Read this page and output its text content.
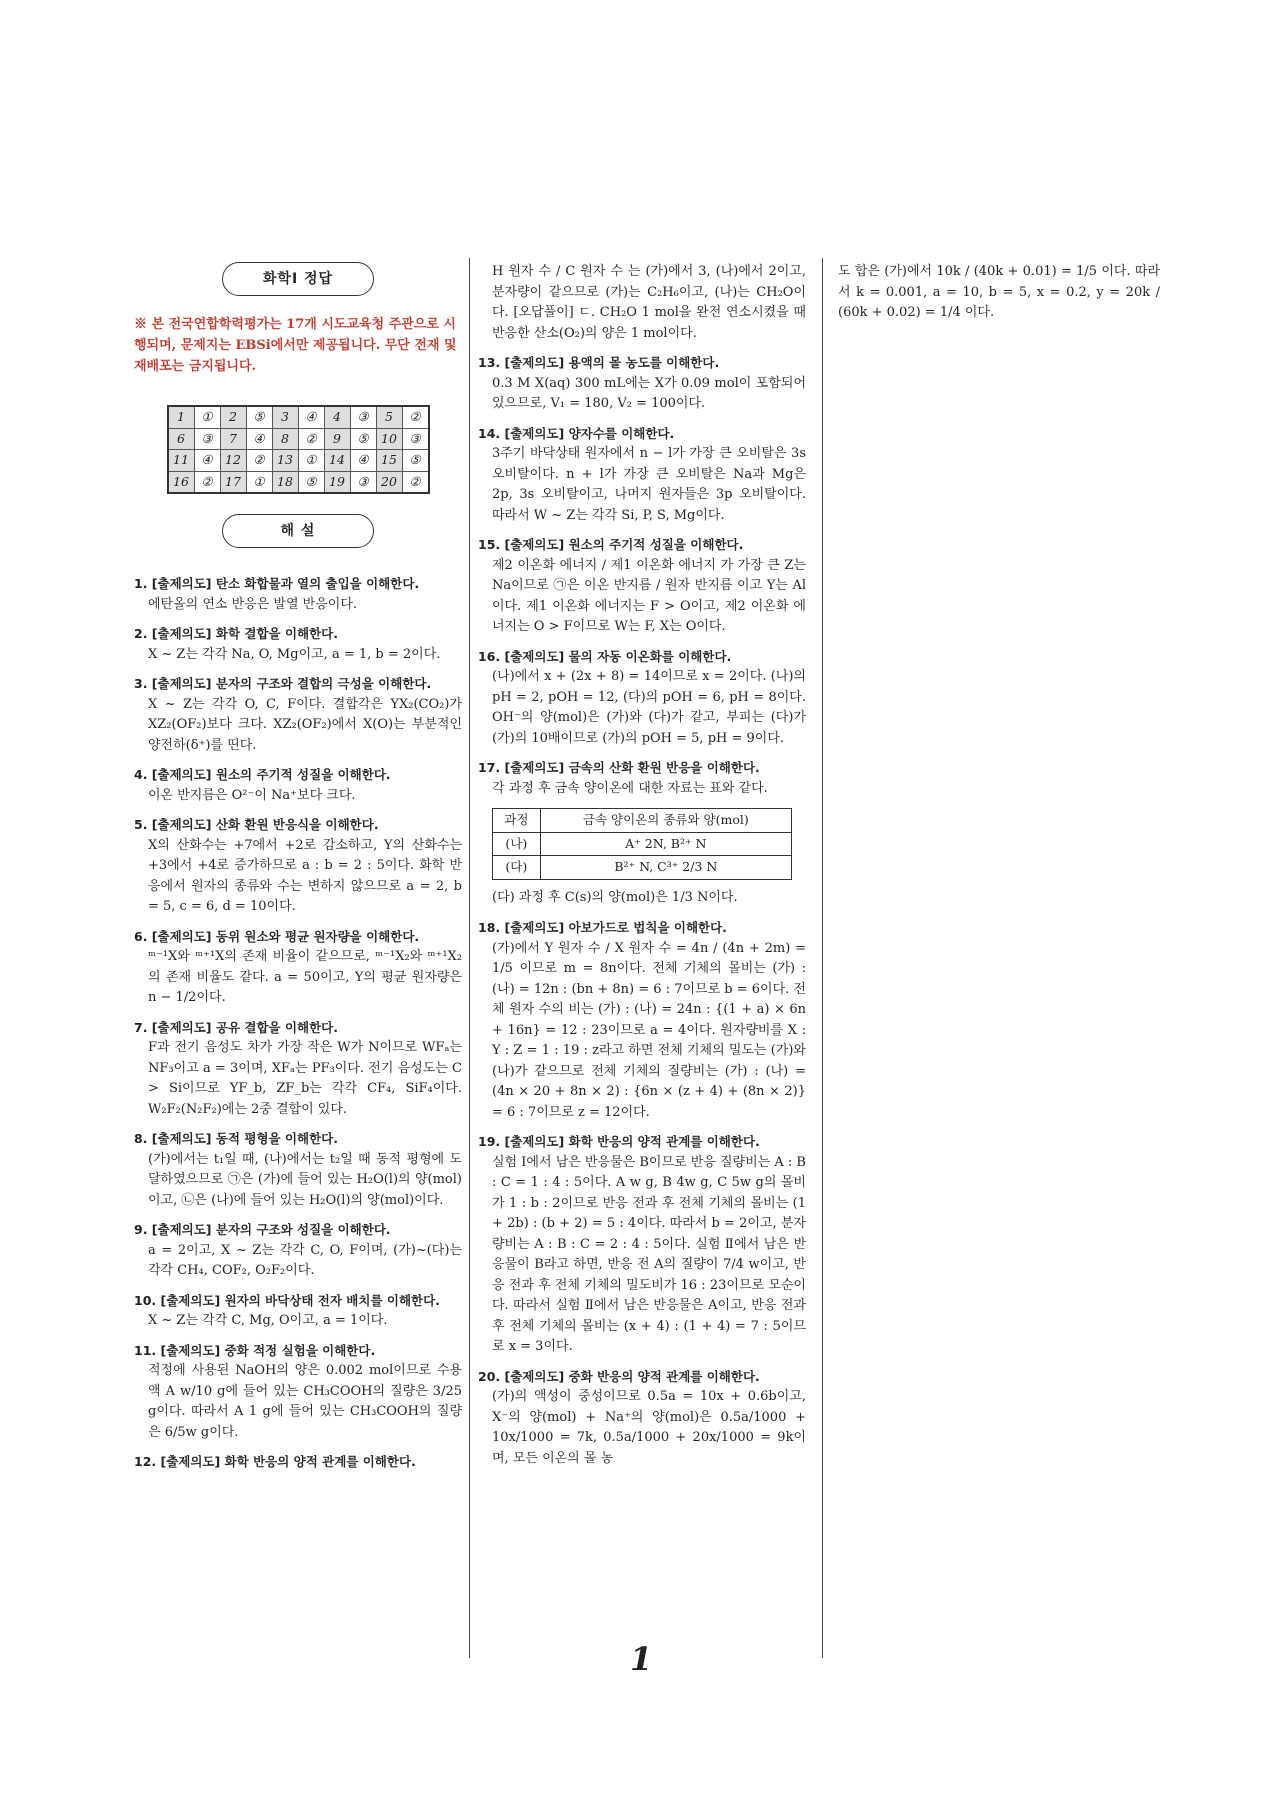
화학Ⅰ 정답
※ 본 전국연합학력평가는 17개 시도교육청 주관으로 시행되며, 문제지는 EBSi에서만 제공됩니다. 무단 전재 및 재배포는 금지됩니다.
1	①	2	⑤	3	④	4	③	5	②
6	③	7	④	8	②	9	⑤	10	③
11	④	12	②	13	①	14	④	15	⑤
16	②	17	①	18	⑤	19	③	20	②
해 설
1. [출제의도] 탄소 화합물과 열의 출입을 이해한다.
에탄올의 연소 반응은 발열 반응이다.
2. [출제의도] 화학 결합을 이해한다.
X ~ Z는 각각 Na, O, Mg이고, a = 1, b = 2이다.
3. [출제의도] 분자의 구조와 결합의 극성을 이해한다.
X ~ Z는 각각 O, C, F이다. 결합각은 YX₂(CO₂)가 XZ₂(OF₂)보다 크다. XZ₂(OF₂)에서 X(O)는 부분적인 양전하(δ⁺)를 띤다.
4. [출제의도] 원소의 주기적 성질을 이해한다.
이온 반지름은 O²⁻이 Na⁺보다 크다.
5. [출제의도] 산화 환원 반응식을 이해한다.
X의 산화수는 +7에서 +2로 감소하고, Y의 산화수는 +3에서 +4로 증가하므로 a : b = 2 : 5이다. 화학 반응에서 원자의 종류와 수는 변하지 않으므로 a = 2, b = 5, c = 6, d = 10이다.
6. [출제의도] 동위 원소와 평균 원자량을 이해한다.
ᵐ⁻¹X와 ᵐ⁺¹X의 존재 비율이 같으므로, ᵐ⁻¹X₂와 ᵐ⁺¹X₂의 존재 비율도 같다. a = 50이고, Y의 평균 원자량은 n − 1/2이다.
7. [출제의도] 공유 결합을 이해한다.
F과 전기 음성도 차가 가장 작은 W가 N이므로 WFₐ는 NF₃이고 a = 3이며, XFₐ는 PF₃이다. 전기 음성도는 C > Si이므로 YF_b, ZF_b는 각각 CF₄, SiF₄이다. W₂F₂(N₂F₂)에는 2중 결합이 있다.
8. [출제의도] 동적 평형을 이해한다.
(가)에서는 t₁일 때, (나)에서는 t₂일 때 동적 평형에 도달하였으므로 ㉠은 (가)에 들어 있는 H₂O(l)의 양(mol)이고, ㉡은 (나)에 들어 있는 H₂O(l)의 양(mol)이다.
9. [출제의도] 분자의 구조와 성질을 이해한다.
a = 2이고, X ~ Z는 각각 C, O, F이며, (가)~(다)는 각각 CH₄, COF₂, O₂F₂이다.
10. [출제의도] 원자의 바닥상태 전자 배치를 이해한다.
X ~ Z는 각각 C, Mg, O이고, a = 1이다.
11. [출제의도] 중화 적정 실험을 이해한다.
적정에 사용된 NaOH의 양은 0.002 mol이므로 수용액 A w/10 g에 들어 있는 CH₃COOH의 질량은 3/25 g이다. 따라서 A 1 g에 들어 있는 CH₃COOH의 질량은 6/5w g이다.
12. [출제의도] 화학 반응의 양적 관계를 이해한다.
H 원자 수 / C 원자 수 는 (가)에서 3, (나)에서 2이고, 분자량이 같으므로 (가)는 C₂H₆이고, (나)는 CH₂O이다. [오답풀이] ㄷ. CH₂O 1 mol을 완전 연소시켰을 때 반응한 산소(O₂)의 양은 1 mol이다.
13. [출제의도] 용액의 몰 농도를 이해한다.
0.3 M X(aq) 300 mL에는 X가 0.09 mol이 포함되어 있으므로, V₁ = 180, V₂ = 100이다.
14. [출제의도] 양자수를 이해한다.
3주기 바닥상태 원자에서 n − l가 가장 큰 오비탈은 3s 오비탈이다. n + l가 가장 큰 오비탈은 Na과 Mg은 2p, 3s 오비탈이고, 나머지 원자들은 3p 오비탈이다. 따라서 W ~ Z는 각각 Si, P, S, Mg이다.
15. [출제의도] 원소의 주기적 성질을 이해한다.
제2 이온화 에너지 / 제1 이온화 에너지 가 가장 큰 Z는 Na이므로 ㉠은 이온 반지름 / 원자 반지름 이고 Y는 Al이다. 제1 이온화 에너지는 F > O이고, 제2 이온화 에너지는 O > F이므로 W는 F, X는 O이다.
16. [출제의도] 물의 자동 이온화를 이해한다.
(나)에서 x + (2x + 8) = 14이므로 x = 2이다. (나)의 pH = 2, pOH = 12, (다)의 pOH = 6, pH = 8이다. OH⁻의 양(mol)은 (가)와 (다)가 같고, 부피는 (다)가 (가)의 10배이므로 (가)의 pOH = 5, pH = 9이다.
17. [출제의도] 금속의 산화 환원 반응을 이해한다.
각 과정 후 금속 양이온에 대한 자료는 표와 같다.
과정	금속 양이온의 종류와 양(mol)
(나)	A⁺ 2N, B²⁺ N
(다)	B²⁺ N, C³⁺ 2/3 N
(다) 과정 후 C(s)의 양(mol)은 1/3 N이다.
18. [출제의도] 아보가드로 법칙을 이해한다.
(가)에서 Y 원자 수 / X 원자 수 = 4n / (4n + 2m) = 1/5 이므로 m = 8n이다. 전체 기체의 몰비는 (가) : (나) = 12n : (bn + 8n) = 6 : 7이므로 b = 6이다. 전체 원자 수의 비는 (가) : (나) = 24n : {(1 + a) × 6n + 16n} = 12 : 23이므로 a = 4이다. 원자량비를 X : Y : Z = 1 : 19 : z라고 하면 전체 기체의 밀도는 (가)와 (나)가 같으므로 전체 기체의 질량비는 (가) : (나) = (4n × 20 + 8n × 2) : {6n × (z + 4) + (8n × 2)} = 6 : 7이므로 z = 12이다.
19. [출제의도] 화학 반응의 양적 관계를 이해한다.
실험 Ⅰ에서 남은 반응물은 B이므로 반응 질량비는 A : B : C = 1 : 4 : 5이다. A w g, B 4w g, C 5w g의 몰비가 1 : b : 2이므로 반응 전과 후 전체 기체의 몰비는 (1 + 2b) : (b + 2) = 5 : 4이다. 따라서 b = 2이고, 분자량비는 A : B : C = 2 : 4 : 5이다. 실험 Ⅱ에서 남은 반응물이 B라고 하면, 반응 전 A의 질량이 7/4 w이고, 반응 전과 후 전체 기체의 밀도비가 16 : 23이므로 모순이다. 따라서 실험 Ⅱ에서 남은 반응물은 A이고, 반응 전과 후 전체 기체의 몰비는 (x + 4) : (1 + 4) = 7 : 5이므로 x = 3이다.
20. [출제의도] 중화 반응의 양적 관계를 이해한다.
(가)의 액성이 중성이므로 0.5a = 10x + 0.6b이고, X⁻의 양(mol) + Na⁺의 양(mol)은 0.5a/1000 + 10x/1000 = 7k, 0.5a/1000 + 20x/1000 = 9k이며, 모든 이온의 몰 농
도 합은 (가)에서 10k / (40k + 0.01) = 1/5 이다. 따라서 k = 0.001, a = 10, b = 5, x = 0.2, y = 20k / (60k + 0.02) = 1/4 이다.
1
